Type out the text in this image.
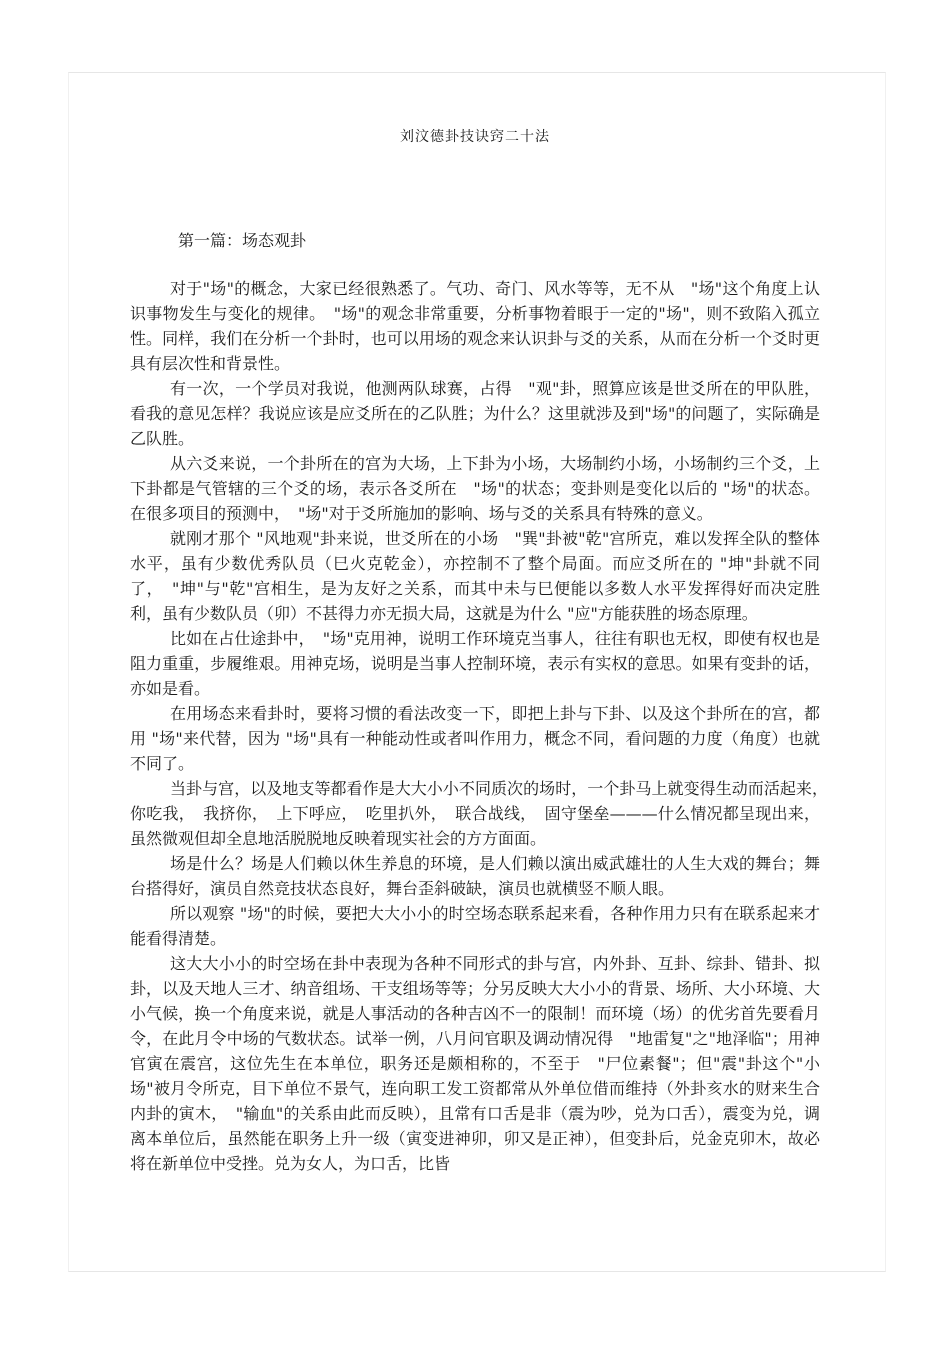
刘汶德卦技诀窍二十法
第一篇：场态观卦

对于"场"的概念，大家已经很熟悉了。气功、奇门、风水等等，无不从　"场"这个角度上认识事物发生与变化的规律。　"场"的观念非常重要，分析事物着眼于一定的"场"，则不致陷入孤立性。同样，我们在分析一个卦时，也可以用场的观念来认识卦与爻的关系，从而在分析一个爻时更具有层次性和背景性。

有一次，一个学员对我说，他测两队球赛，占得　"观"卦，照算应该是世爻所在的甲队胜，看我的意见怎样？我说应该是应爻所在的乙队胜；为什么？这里就涉及到"场"的问题了，实际确是乙队胜。

从六爻来说，一个卦所在的宫为大场，上下卦为小场，大场制约小场，小场制约三个爻，上下卦都是气管辖的三个爻的场，表示各爻所在　"场"的状态；变卦则是变化以后的 "场"的状态。在很多项目的预测中，　"场"对于爻所施加的影响、场与爻的关系具有特殊的意义。

就刚才那个 "风地观"卦来说，世爻所在的小场　"巽"卦被"乾"宫所克，难以发挥全队的整体水平，虽有少数优秀队员（巳火克乾金），亦控制不了整个局面。而应爻所在的 "坤"卦就不同了，　"坤"与"乾"宫相生，是为友好之关系，而其中未与巳便能以多数人水平发挥得好而决定胜利，虽有少数队员（卯）不甚得力亦无损大局，这就是为什么 "应"方能获胜的场态原理。

比如在占仕途卦中，　"场"克用神，说明工作环境克当事人，往往有职也无权，即使有权也是阻力重重，步履维艰。用神克场，说明是当事人控制环境，表示有实权的意思。如果有变卦的话，亦如是看。

在用场态来看卦时，要将习惯的看法改变一下，即把上卦与下卦、以及这个卦所在的宫，都用 "场"来代替，因为 "场"具有一种能动性或者叫作用力，概念不同，看问题的力度（角度）也就不同了。

当卦与宫，以及地支等都看作是大大小小不同质次的场时，一个卦马上就变得生动而活起来，　你吃我，　我挤你，　上下呼应，　吃里扒外，　联合战线，　固守堡垒———什么情况都呈现出来，虽然微观但却全息地活脱脱地反映着现实社会的方方面面。

场是什么？场是人们赖以休生养息的环境，是人们赖以演出威武雄壮的人生大戏的舞台；舞台搭得好，演员自然竞技状态良好，舞台歪斜破缺，演员也就横竖不顺人眼。

所以观察 "场"的时候，要把大大小小的时空场态联系起来看，各种作用力只有在联系起来才能看得清楚。

这大大小小的时空场在卦中表现为各种不同形式的卦与宫，内外卦、互卦、综卦、错卦、拟卦，以及天地人三才、纳音组场、干支组场等等；分另反映大大小小的背景、场所、大小环境、大小气候，换一个角度来说，就是人事活动的各种吉凶不一的限制！而环境（场）的优劣首先要看月令，在此月令中场的气数状态。试举一例，八月问官职及调动情况得　"地雷复"之"地泽临"；用神官寅在震宫，这位先生在本单位，职务还是颇相称的，不至于　"尸位素餐"；但"震"卦这个"小场"被月令所克，目下单位不景气，连向职工发工资都常从外单位借而维持（外卦亥水的财来生合内卦的寅木，　"输血"的关系由此而反映），且常有口舌是非（震为吵，兑为口舌），震变为兑，调离本单位后，虽然能在职务上升一级（寅变进神卯，卯又是正神），但变卦后，兑金克卯木，故必将在新单位中受挫。兑为女人，为口舌，比皆
